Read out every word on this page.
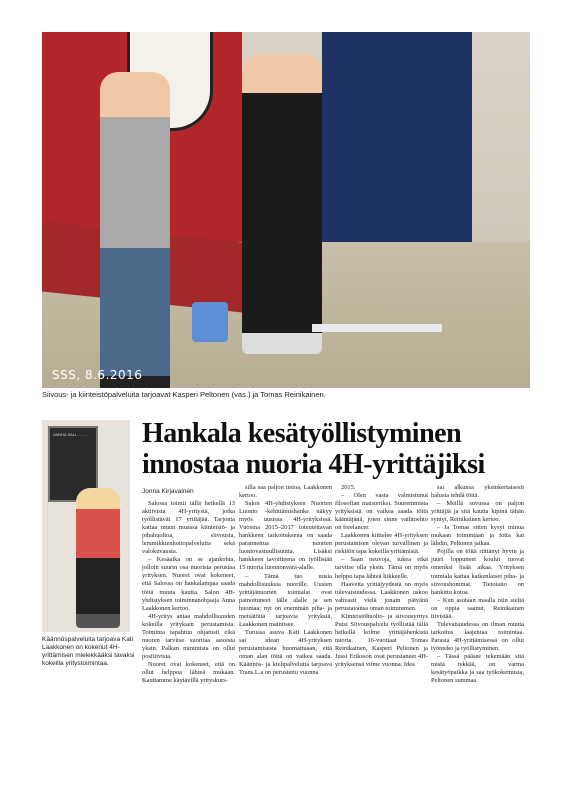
SSS, 8.6.2016
Siivous- ja kiinteistöpalveluita tarjoavat Kasperi Peltonen (vas.) ja Tomas Reinikainen.
Hankala kesätyöllistyminen
innostaa nuoria 4H-yrittäjiksi
VANHA SALI ... ... ...
Käännöspalveluita tarjoava Kati Laakkonen on kokenut 4H-yrittämisen mielekkääksi tavaksi kokeilla yritystoimintaa.
Jonna Kirjavainen

Salossa toimii tällä hetkellä 13 aktiivista 4H-yritystä, jotka työllistävät 17 yrittäjää. Tarjonta kattaa muun muassa kiinteistö- ja pihahuoltoa, siivousta, lemmikkienhoitopalveluita sekä valokuvausta.

– Kesäaika on se ajankohta, jolloin suurin osa nuorista perustaa yrityksen. Nuoret ovat kokeneet, että Salossa on hankalampaa saada töitä muuta kautta. Salon 4H-yhdistyksen toiminnanohjaaja Anna Laakkonen kertoo.

4H-yritys antaa mahdollisuuden kokeilla yrityksen perustamista. Toiminta tapahtuu ohjatusti eikä nuoren tarvitse suoritaa asioista yksin. Palkan minimista on ollut positiivista.

Nuoret ovat kokeneet, että on ollut helppoa lähteä mukaan. Kauttamme käytävillä yrityskurs-

silla saa paljon tietoa, Laakkonen kertoo.

Salon 4H-yhdistyksen Nuorten Luonto -kehittämishanke näkyy myös uusissa 4H-yrityksissä. Vuosina 2015–2017 toteutettavan hankkeen tarkoituksena on saada parannettua nuorten luontovastuullisuutta. Lisäksi hankkeen tavoitteena on työllistää 15 nuorta luonnonvara-alalle.

– Tämä tuo uusia mahdollisuuksia nuorille. Uusien yrittäjänuorten toimialat ovat painottuneet tälle alalle ja sen huomaa; nyt on enemmän piha- ja metsätöitä tarjoavia yrityksiä, Laakkonen mainitsee.

Turussa asuva Kati Laakkonen sai idean 4H-yrityksen perustamisesta huomattuaan, että oman alan töitä on vaikea saada. Käännös- ja kielipalveluita tarjoava Trans.L.a on perustettu vuonna

2015.

– Olen vasta valmistunut filosofian maisteriksi. Suuremmista yrityksistä on vaikea saada töitä kääntäjänä, joten sinne vaihtoehto on freelancer.

Laakkonen kiittelee 4H-yrityksen perustamisen olevan turvallinen ja riskitön tapa kokeilla yrittämistä.

– Saan neuvoja, tukea eikä tarvitse olla yksin. Tämä on myös helppo tapa lähteä liikkeelle.

Haaveita yrittäjyydestä on myös tulevaisuudessa. Laakkonen uskoo vahvasti vielä jonain päivänä perustavansa oman toiminimen.

Kiinteistöhuolto- ja siivousyritys Putsi Siivouspalvelu työllistää tällä hetkellä kolme yrittäjähenkistä nuorta. 16-vuotiaat Tomas Reinikainen, Kasperi Peltonen ja Jussi Eriksson ovat perustaneet 4H-yrityksensä viime vuonna. Idea

sai alkunsa yksinkertaisesti halusta tehdä töitä.

– Meillä suvussa on paljon yrittäjiä ja sitä kautta kipinä tähän syntyi, Reinikainen kertoo.

– Ja Tomas sitten kysyi minua mukaan toimintaan ja totta kai lähdin, Peltonen jatkaa.

Pojilla on töitä riittänyt hyvin ja juuri loppuneet koulut tuovat omenksi lisää aikaa. Yrityksen toimiala kattaa kaikenlaiset piha- ja siivoushommat. Tietotaito on hankittu kotoa.

– Kun asutaan maalla niin sieltä on oppia saanut, Reinikainen tiivistää.

Tulevaisuudessa on ilman muuta tarkoitus laajentaa toimintaa. Parasta 4H-yrittämisessä on ollut työnteko ja työllistyminen.

– Tässä pääsee tekemään sitä mistä tykkää, on varma kesätyöpaikka ja saa työkokemusta, Peltonen summaa.
